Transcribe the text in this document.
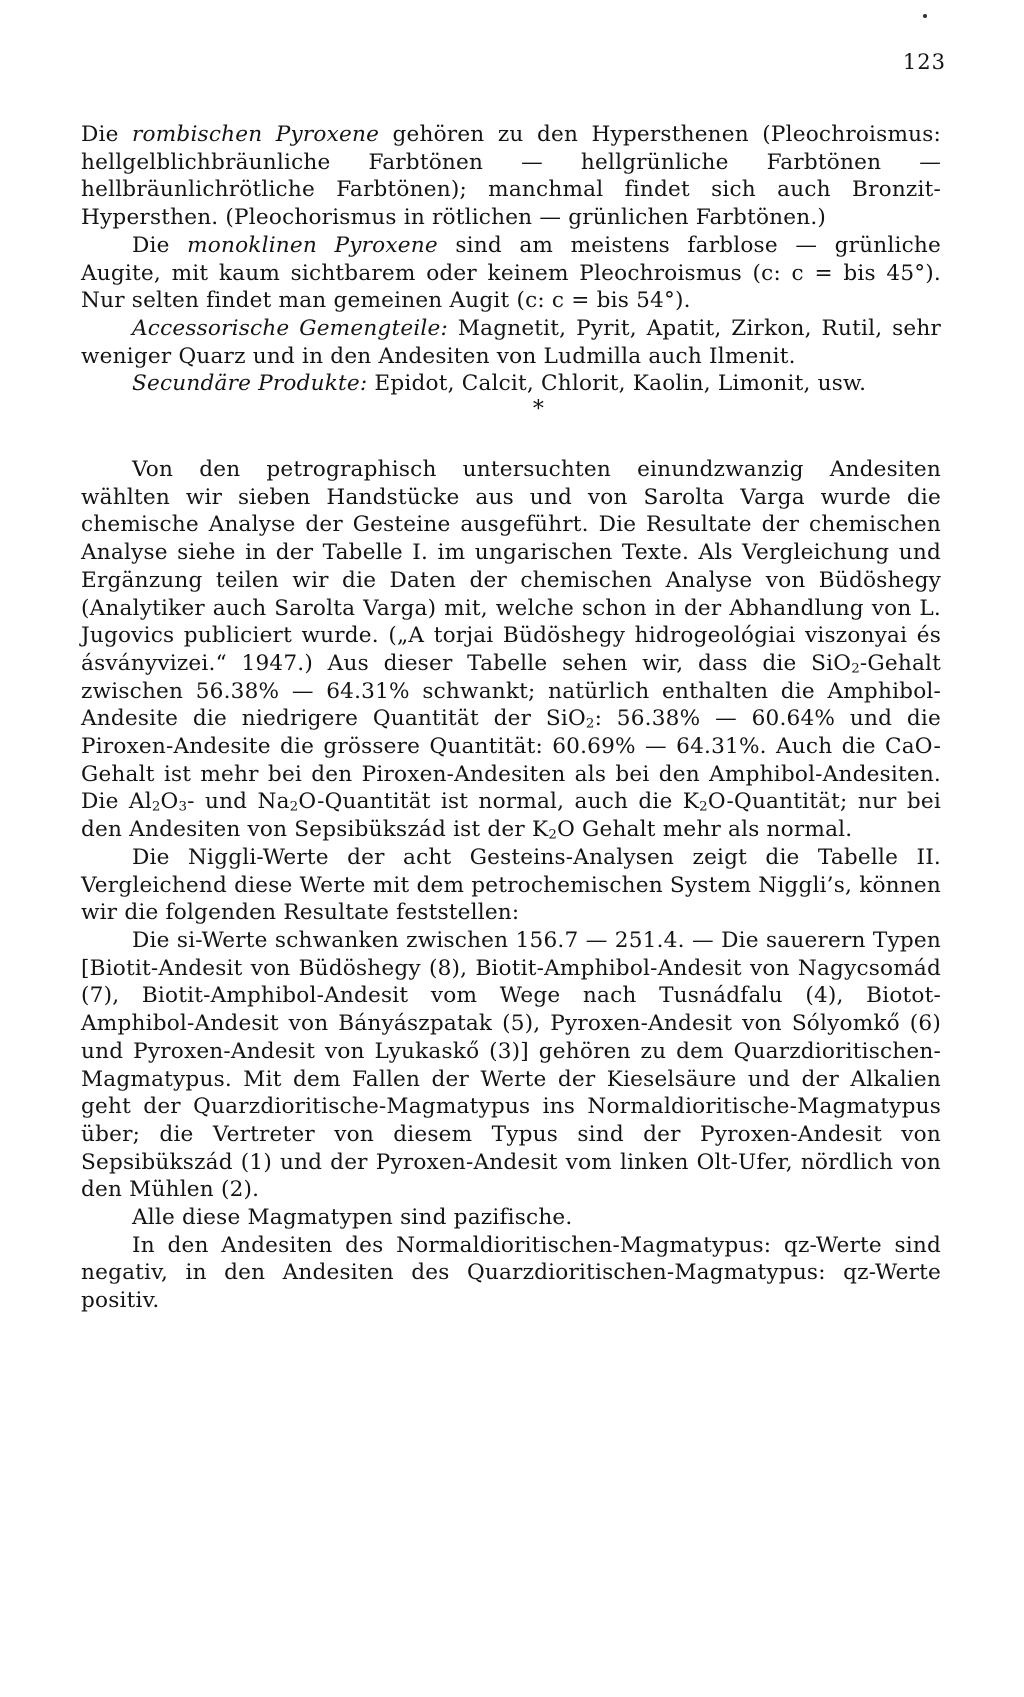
123

Die rombischen Pyroxene gehören zu den Hypersthenen (Pleochroismus: hellgelblichbräunliche Farbtönen — hellgrünliche Farbtönen — hellbräunlichrötliche Farbtönen); manchmal findet sich auch Bronzit-Hypersthen. (Pleochorismus in rötlichen — grünlichen Farbtönen.)

Die monoklinen Pyroxene sind am meistens farblose — grünliche Augite, mit kaum sichtbarem oder keinem Pleochroismus (c: c = bis 45°). Nur selten findet man gemeinen Augit (c: c = bis 54°).

Accessorische Gemengteile: Magnetit, Pyrit, Apatit, Zirkon, Rutil, sehr weniger Quarz und in den Andesiten von Ludmilla auch Ilmenit.

Secundäre Produkte: Epidot, Calcit, Chlorit, Kaolin, Limonit, usw.

*

Von den petrographisch untersuchten einundzwanzig Andesiten wählten wir sieben Handstücke aus und von Sarolta Varga wurde die chemische Analyse der Gesteine ausgeführt. Die Resultate der chemischen Analyse siehe in der Tabelle I. im ungarischen Texte. Als Vergleichung und Ergänzung teilen wir die Daten der chemischen Analyse von Büdöshegy (Analytiker auch Sarolta Varga) mit, welche schon in der Abhandlung von L. Jugovics publiciert wurde. („A torjai Büdöshegy hidrogeológiai viszonyai és ásványvizei.“ 1947.) Aus dieser Tabelle sehen wir, dass die SiO$_2$-Gehalt zwischen 56.38% — 64.31% schwankt; natürlich enthalten die Amphibol-Andesite die niedrigere Quantität der SiO$_2$: 56.38% — 60.64% und die Piroxen-Andesite die grössere Quantität: 60.69% — 64.31%. Auch die CaO-Gehalt ist mehr bei den Piroxen-Andesiten als bei den Amphibol-Andesiten. Die $Al_2O_3-$ und $Na_2O$-Quantität ist normal, auch die $K_2O$-Quantität; nur bei den Andesiten von Sepsibükszád ist der $K_2O$ Gehalt mehr als normal.

Die Niggli-Werte der acht Gesteins-Analysen zeigt die Tabelle II. Vergleichend diese Werte mit dem petrochemischen System Niggli’s, können wir die folgenden Resultate feststellen:

Die si-Werte schwanken zwischen 156.7 — 251.4. — Die sauerern Typen [Biotit-Andesit von Büdöshegy (8), Biotit-Amphibol-Andesit von Nagycsomád (7), Biotit-Amphibol-Andesit vom Wege nach Tusnádfalu (4), Biotot-Amphibol-Andesit von Bányászpatak (5), Pyroxen-Andesit von Sólyomkő (6) und Pyroxen-Andesit von Lyukaskő (3)] gehören zu dem Quarzdioritischen-Magmatypus. Mit dem Fallen der Werte der Kieselsäure und der Alkalien geht der Quarzdioritische-Magmatypus ins Normaldioritische-Magmatypus über; die Vertreter von diesem Typus sind der Pyroxen-Andesit von Sepsibükszád (1) und der Pyroxen-Andesit vom linken Olt-Ufer, nördlich von den Mühlen (2).

Alle diese Magmatypen sind pazifische.

In den Andesiten des Normaldioritischen-Magmatypus: qz-Werte sind negativ, in den Andesiten des Quarzdioritischen-Magmatypus: qz-Werte positiv.
